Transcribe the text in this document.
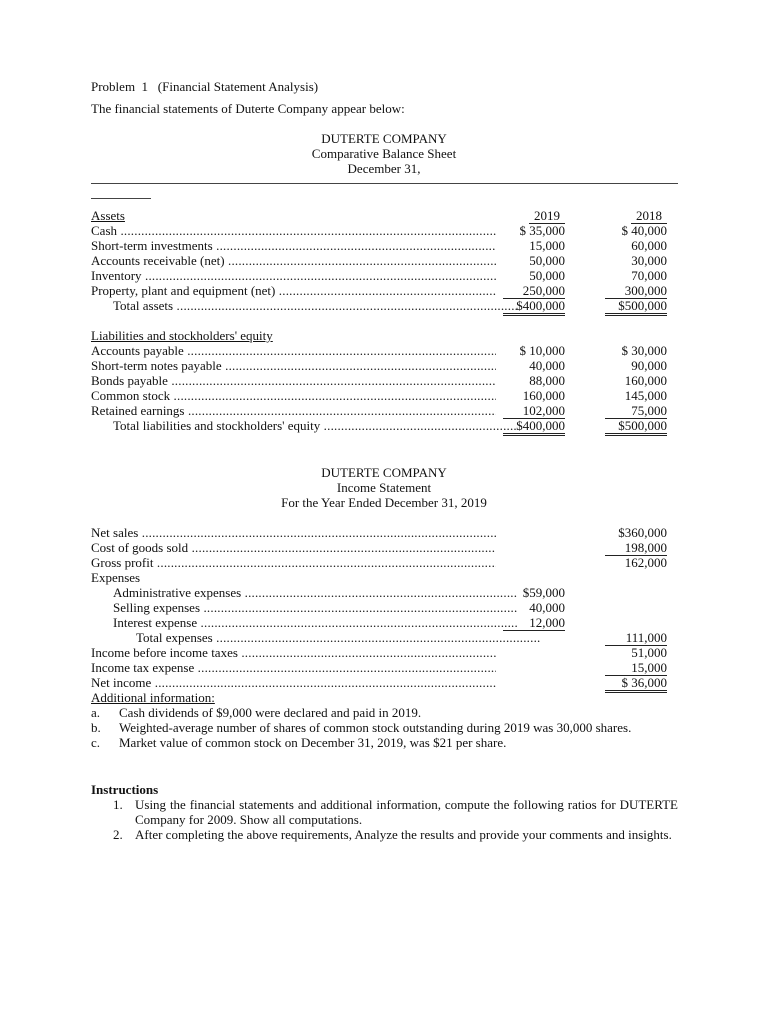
Problem  1   (Financial Statement Analysis)
The financial statements of Duterte Company appear below:
DUTERTE COMPANY
Comparative Balance Sheet
December 31,
Assets	2019	2018
Cash .....	$ 35,000	$ 40,000
Short-term investments .....	15,000	60,000
Accounts receivable (net) .....	50,000	30,000
Inventory .....	50,000	70,000
Property, plant and equipment (net) .....	250,000	300,000
Total assets .....	$400,000	$500,000
Liabilities and stockholders' equity
Accounts payable .....	$ 10,000	$ 30,000
Short-term notes payable .....	40,000	90,000
Bonds payable .....	88,000	160,000
Common stock .....	160,000	145,000
Retained earnings .....	102,000	75,000
Total liabilities and stockholders' equity .....	$400,000	$500,000
DUTERTE COMPANY
Income Statement
For the Year Ended December 31, 2019
Net sales .....	$360,000
Cost of goods sold .....	198,000
Gross profit .....	162,000
Expenses
Administrative expenses .....	$59,000
Selling expenses .....	40,000
Interest expense .....	12,000
Total expenses .....	111,000
Income before income taxes .....	51,000
Income tax expense .....	15,000
Net income .....	$ 36,000
Additional information:
a. Cash dividends of $9,000 were declared and paid in 2019.
b. Weighted-average number of shares of common stock outstanding during 2019 was 30,000 shares.
c. Market value of common stock on December 31, 2019, was $21 per share.
Instructions
1. Using the financial statements and additional information, compute the following ratios for DUTERTE Company for 2009. Show all computations.
2. After completing the above requirements, Analyze the results and provide your comments and insights.
